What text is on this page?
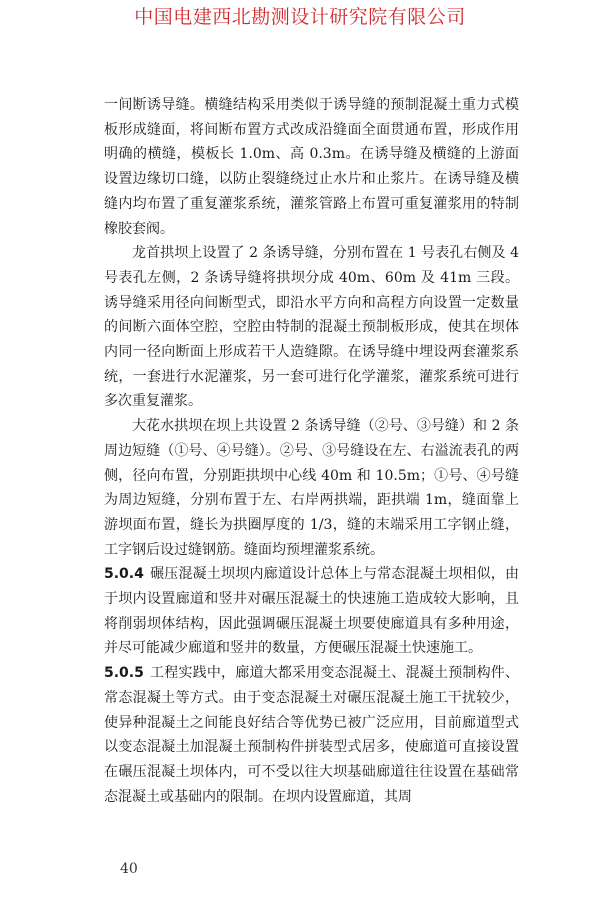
中国电建西北勘测设计研究院有限公司

一间断诱导缝。横缝结构采用类似于诱导缝的预制混凝土重力式模板形成缝面，将间断布置方式改成沿缝面全面贯通布置，形成作用明确的横缝，模板长 1.0m、高 0.3m。在诱导缝及横缝的上游面设置边缘切口缝，以防止裂缝绕过止水片和止浆片。在诱导缝及横缝内均布置了重复灌浆系统，灌浆管路上布置可重复灌浆用的特制橡胶套阀。

龙首拱坝上设置了 2 条诱导缝，分别布置在 1 号表孔右侧及 4 号表孔左侧，2 条诱导缝将拱坝分成 40m、60m 及 41m 三段。诱导缝采用径向间断型式，即沿水平方向和高程方向设置一定数量的间断六面体空腔，空腔由特制的混凝土预制板形成，使其在坝体内同一径向断面上形成若干人造缝隙。在诱导缝中埋设两套灌浆系统，一套进行水泥灌浆，另一套可进行化学灌浆，灌浆系统可进行多次重复灌浆。

大花水拱坝在坝上共设置 2 条诱导缝（②号、③号缝）和 2 条周边短缝（①号、④号缝）。②号、③号缝设在左、右溢流表孔的两侧，径向布置，分别距拱坝中心线 40m 和 10.5m；①号、④号缝为周边短缝，分别布置于左、右岸两拱端，距拱端 1m，缝面靠上游坝面布置，缝长为拱圈厚度的 1/3，缝的末端采用工字钢止缝，工字钢后设过缝钢筋。缝面均预埋灌浆系统。

5.0.4 碾压混凝土坝坝内廊道设计总体上与常态混凝土坝相似，由于坝内设置廊道和竖井对碾压混凝土的快速施工造成较大影响，且将削弱坝体结构，因此强调碾压混凝土坝要使廊道具有多种用途，并尽可能减少廊道和竖井的数量，方便碾压混凝土快速施工。

5.0.5 工程实践中，廊道大都采用变态混凝土、混凝土预制构件、常态混凝土等方式。由于变态混凝土对碾压混凝土施工干扰较少，使异种混凝土之间能良好结合等优势已被广泛应用，目前廊道型式以变态混凝土加混凝土预制构件拼装型式居多，使廊道可直接设置在碾压混凝土坝体内，可不受以往大坝基础廊道往往设置在基础常态混凝土或基础内的限制。在坝内设置廊道，其周

40
